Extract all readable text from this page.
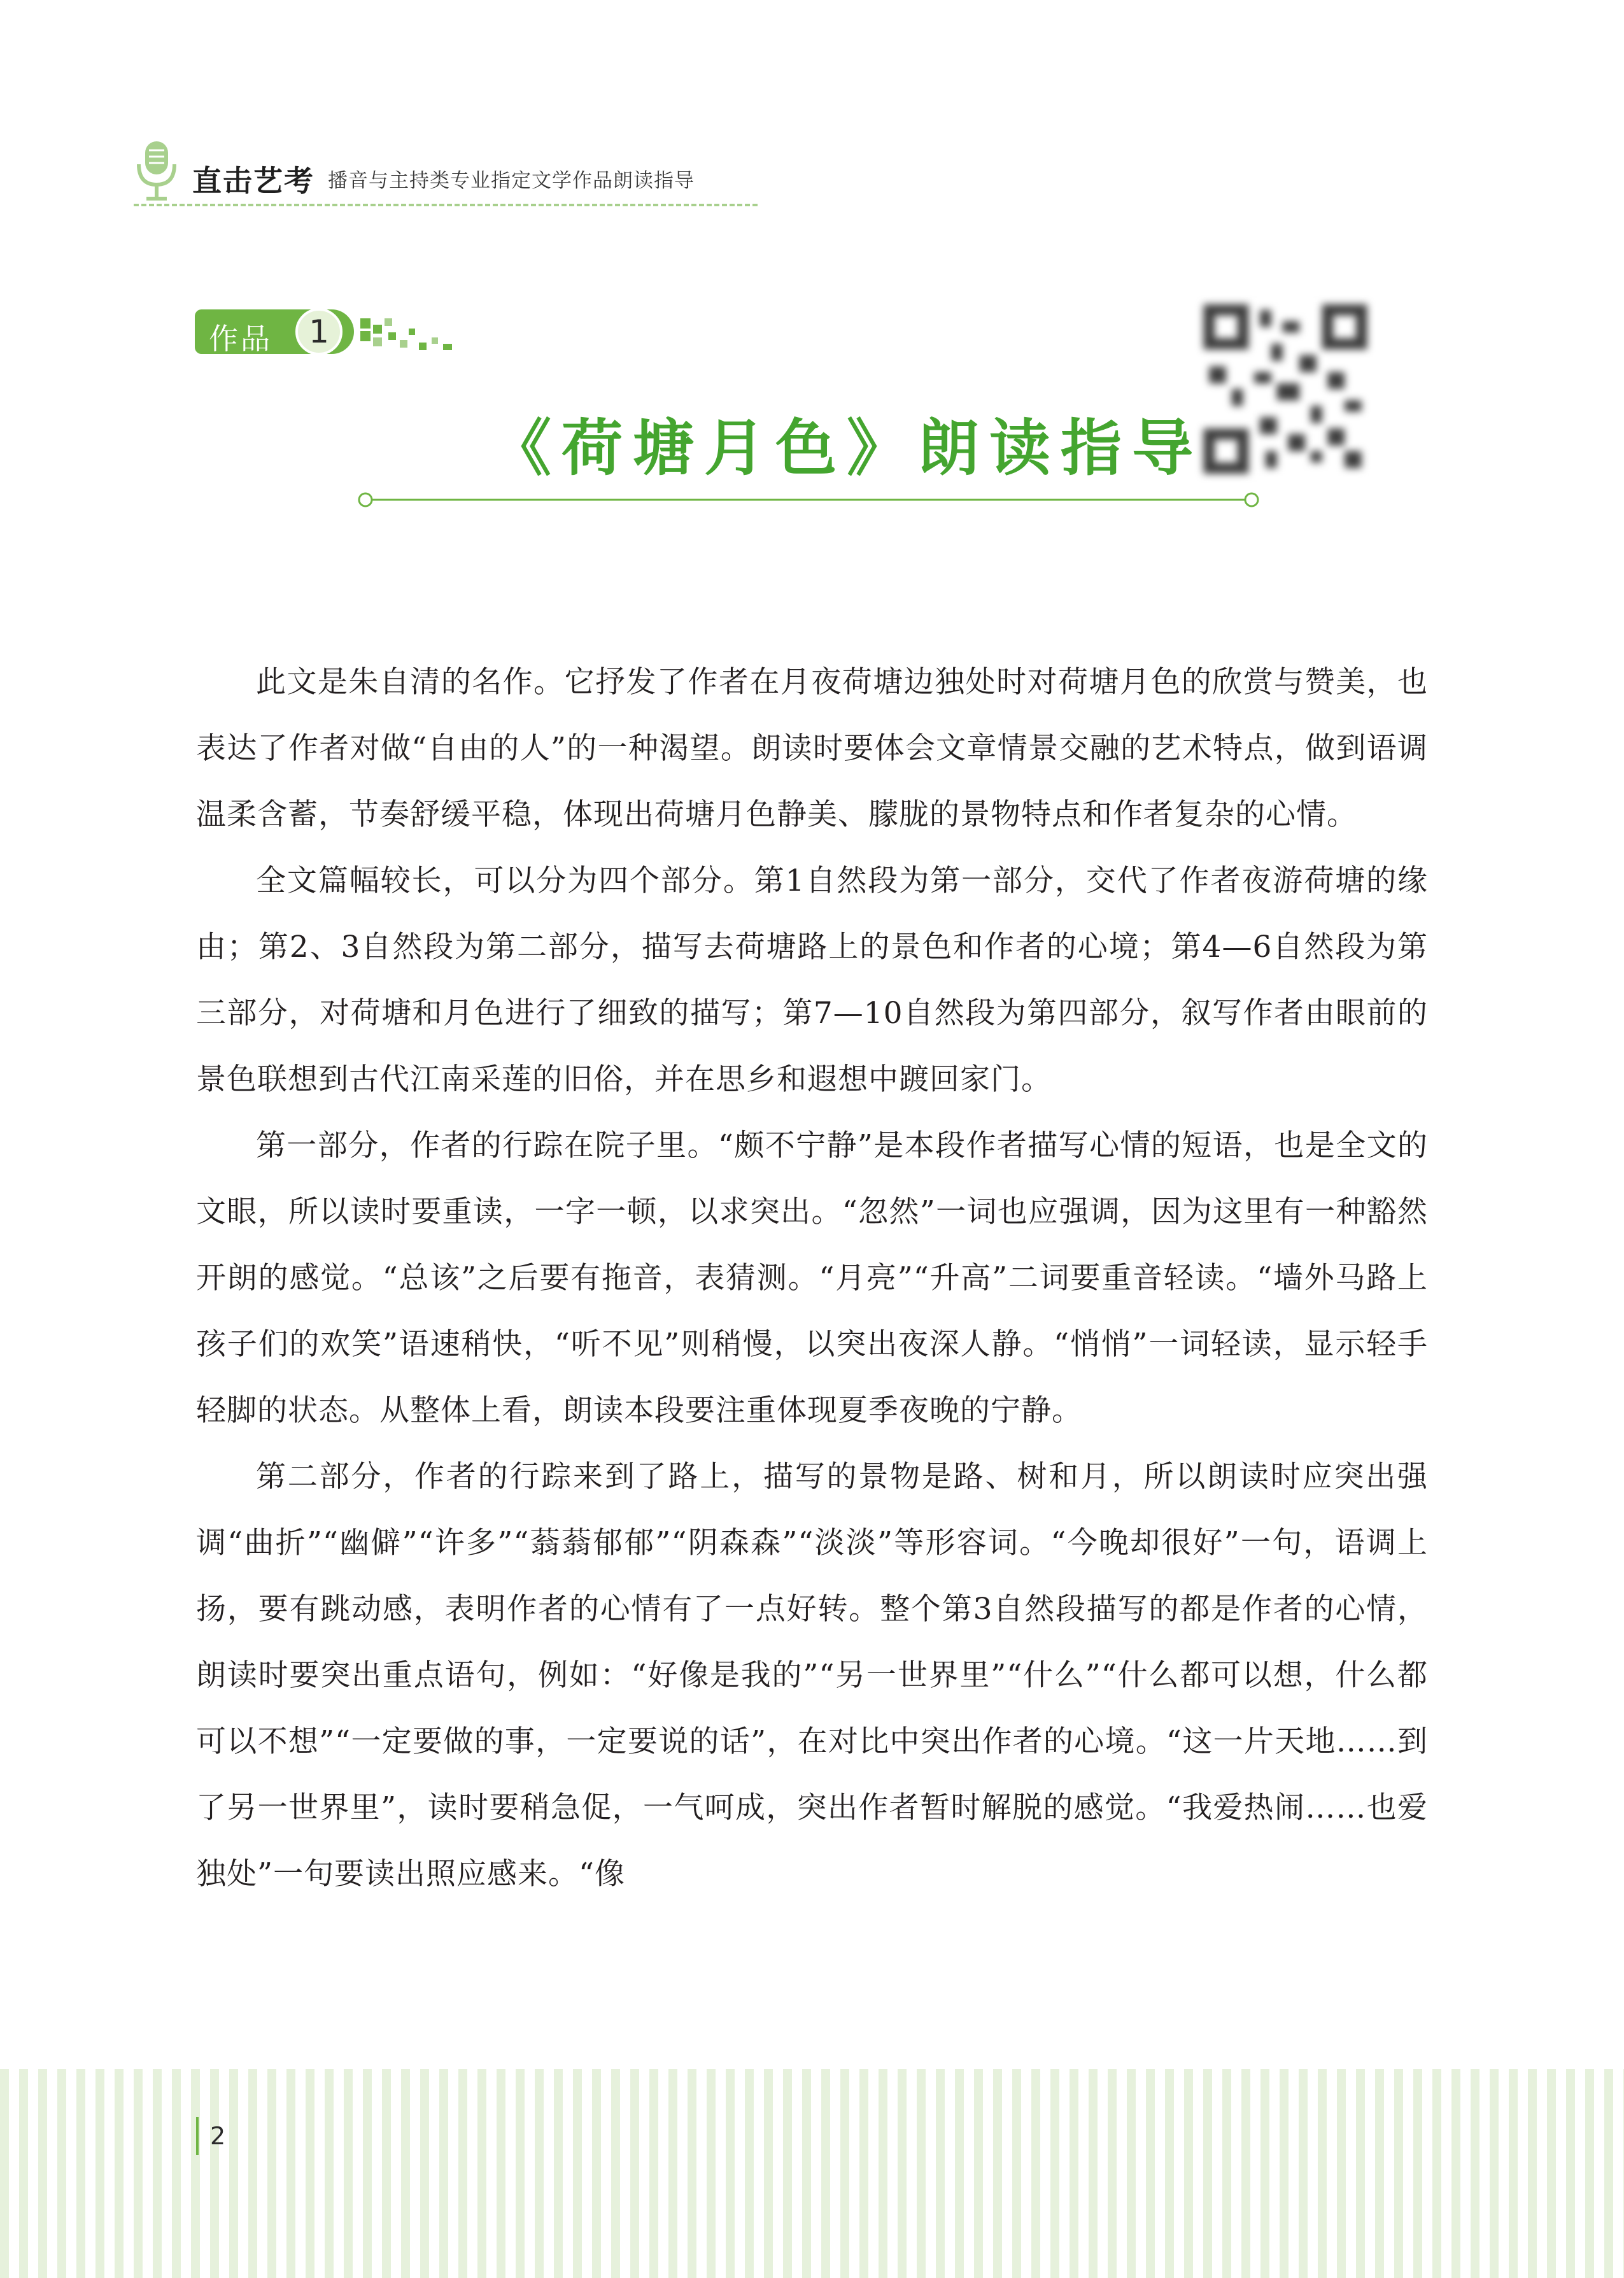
直击艺考 播音与主持类专业指定文学作品朗读指导
作品	1
《荷塘月色》朗读指导

此文是朱自清的名作。它抒发了作者在月夜荷塘边独处时对荷塘月色的欣赏与赞美，也表达了作者对做“自由的人”的一种渴望。朗读时要体会文章情景交融的艺术特点，做到语调温柔含蓄，节奏舒缓平稳，体现出荷塘月色静美、朦胧的景物特点和作者复杂的心情。

全文篇幅较长，可以分为四个部分。第1自然段为第一部分，交代了作者夜游荷塘的缘由；第2、3自然段为第二部分，描写去荷塘路上的景色和作者的心境；第4—6自然段为第三部分，对荷塘和月色进行了细致的描写；第7—10自然段为第四部分，叙写作者由眼前的景色联想到古代江南采莲的旧俗，并在思乡和遐想中踱回家门。

第一部分，作者的行踪在院子里。“颇不宁静”是本段作者描写心情的短语，也是全文的文眼，所以读时要重读，一字一顿，以求突出。“忽然”一词也应强调，因为这里有一种豁然开朗的感觉。“总该”之后要有拖音，表猜测。“月亮”“升高”二词要重音轻读。“墙外马路上孩子们的欢笑”语速稍快，“听不见”则稍慢，以突出夜深人静。“悄悄”一词轻读，显示轻手轻脚的状态。从整体上看，朗读本段要注重体现夏季夜晚的宁静。

第二部分，作者的行踪来到了路上，描写的景物是路、树和月，所以朗读时应突出强调“曲折”“幽僻”“许多”“蓊蓊郁郁”“阴森森”“淡淡”等形容词。“今晚却很好”一句，语调上扬，要有跳动感，表明作者的心情有了一点好转。整个第3自然段描写的都是作者的心情，朗读时要突出重点语句，例如：“好像是我的”“另一世界里”“什么”“什么都可以想，什么都可以不想”“一定要做的事，一定要说的话”，在对比中突出作者的心境。“这一片天地……到了另一世界里”，读时要稍急促，一气呵成，突出作者暂时解脱的感觉。“我爱热闹……也爱独处”一句要读出照应感来。“像

2
